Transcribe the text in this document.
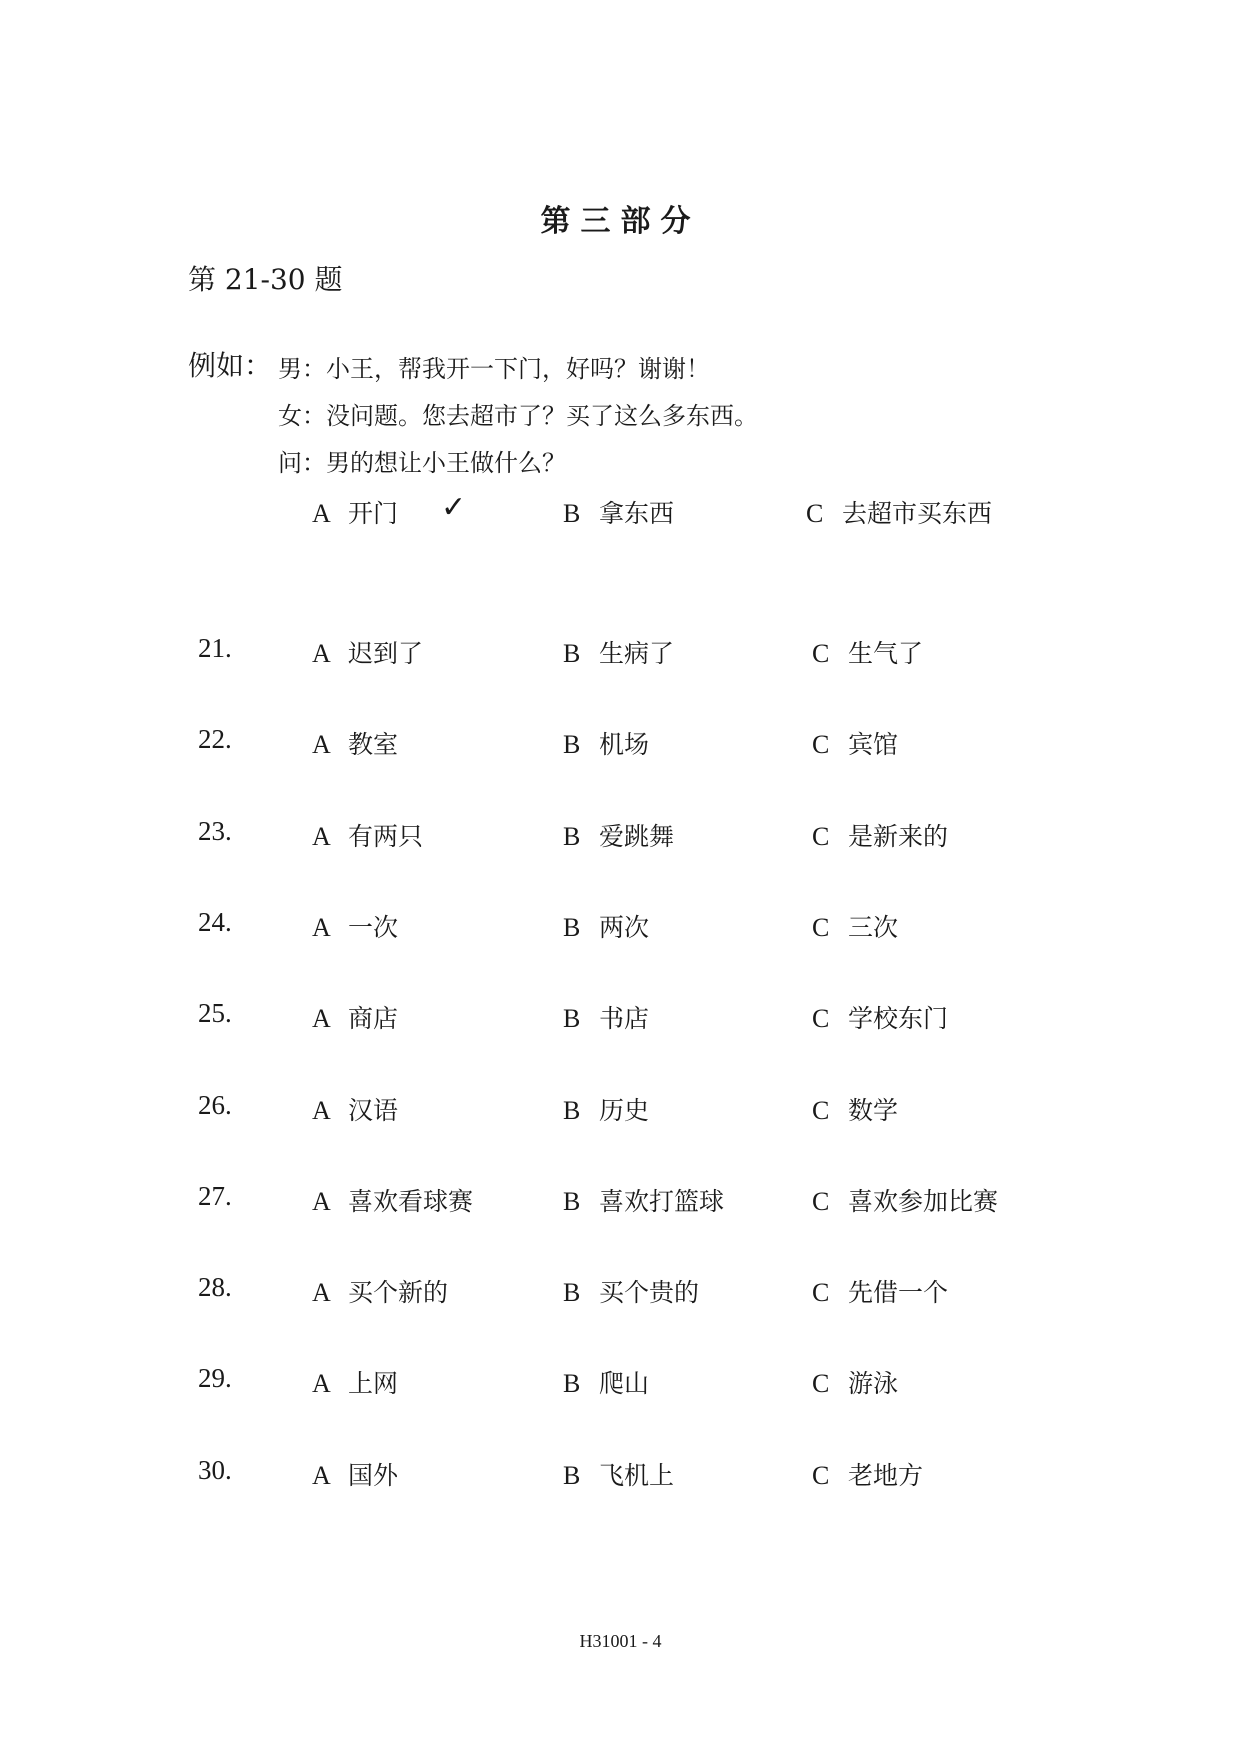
第三部分
第 21-30 题
例如： 男：小王，帮我开一下门，好吗？谢谢！
女：没问题。您去超市了？买了这么多东西。
问：男的想让小王做什么？
A 开门 ✓	B 拿东西	C 去超市买东西
21.	A 迟到了	B 生病了	C 生气了
22.	A 教室	B 机场	C 宾馆
23.	A 有两只	B 爱跳舞	C 是新来的
24.	A 一次	B 两次	C 三次
25.	A 商店	B 书店	C 学校东门
26.	A 汉语	B 历史	C 数学
27.	A 喜欢看球赛	B 喜欢打篮球	C 喜欢参加比赛
28.	A 买个新的	B 买个贵的	C 先借一个
29.	A 上网	B 爬山	C 游泳
30.	A 国外	B 飞机上	C 老地方
H31001 - 4
